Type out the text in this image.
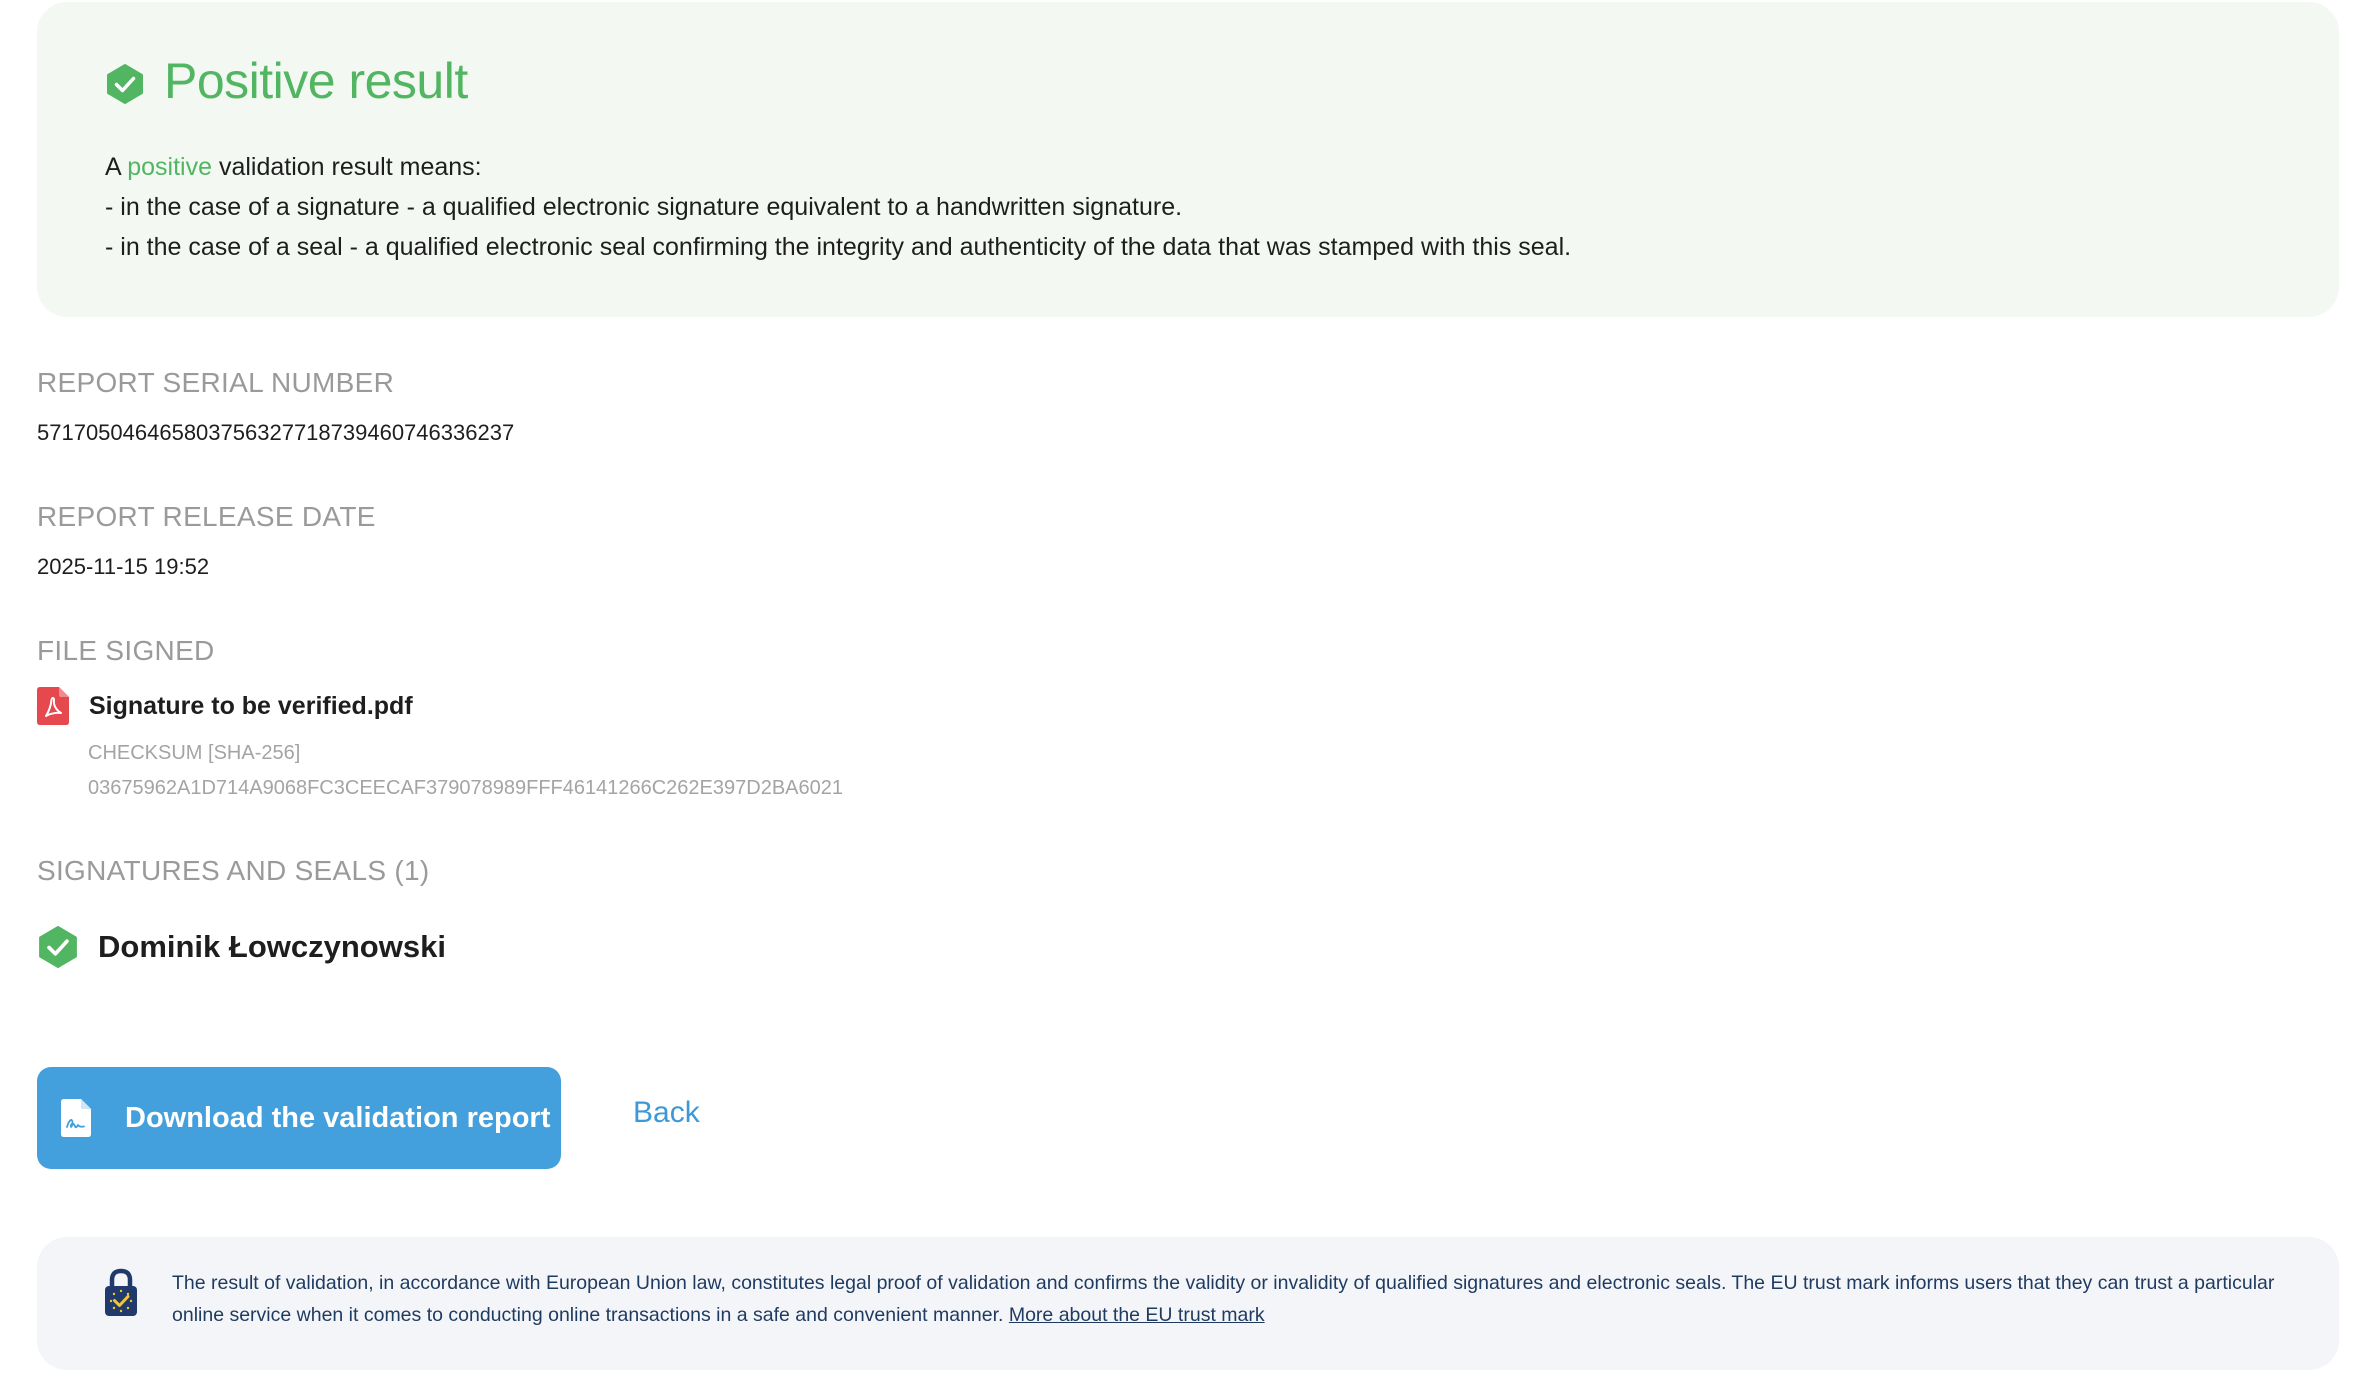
Positive result
A positive validation result means:
- in the case of a signature - a qualified electronic signature equivalent to a handwritten signature.
- in the case of a seal - a qualified electronic seal confirming the integrity and authenticity of the data that was stamped with this seal.
REPORT SERIAL NUMBER
571705046465803756327718739460746336237
REPORT RELEASE DATE
2025-11-15 19:52
FILE SIGNED
Signature to be verified.pdf
CHECKSUM [SHA-256]
03675962A1D714A9068FC3CEECAF379078989FFF46141266C262E397D2BA6021
SIGNATURES AND SEALS (1)
Dominik Łowczynowski
Download the validation report	Back
The result of validation, in accordance with European Union law, constitutes legal proof of validation and confirms the validity or invalidity of qualified signatures and electronic seals. The EU trust mark informs users that they can trust a particular online service when it comes to conducting online transactions in a safe and convenient manner. More about the EU trust mark
